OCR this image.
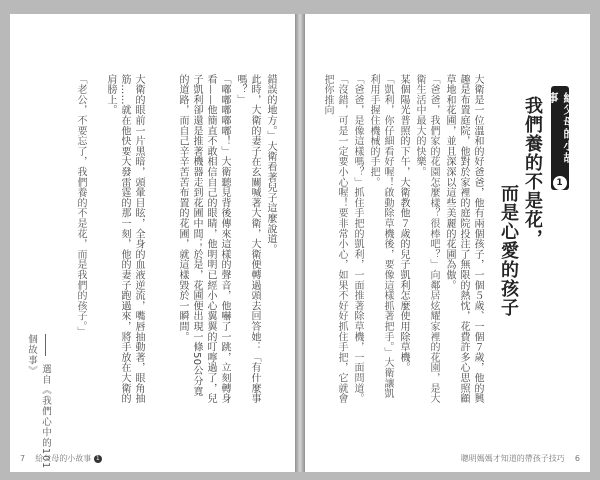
錯誤的地方。」大衛看著兒子這麼說道。
此時，大衛的妻子在玄關喊著大衛，大衛便轉過頭去回答她：「有什麼事嗎？」
「嘟嘟嘟嘟嘟！」大衛聽見背後傳來這樣的聲音，他嚇了一跳，立刻轉身看——他簡直不敢相信自己的眼睛，他明明已經小心翼翼的叮嚀過了，兒子凱利卻還是推著機器走到花圃中間；於是，花圃便出現一條50公分寬的道路，而自己辛辛苦苦布置的花圃，就這樣毀於一瞬間。
大衛的眼前一片黑暗，頭暈目眩，全身的血液逆流，嘴唇抽動著，眼角抽筋……就在他快要大發雷霆的那一刻，他的妻子跑過來，將手放在大衛的肩膀上。
「老公，不要忘了，我們養的不是花，而是我們的孩子。」
選自《我們心中的101個故事》
7 給父母的小故事 1
給父母的小故事
1
我們養的不是花，
而是心愛的孩子
大衛是一位溫和的好爸爸，他有兩個孩子，一個５歲、一個７歲，他的興趣是布置庭院，他對於家裡的庭院投注了無限的熱忱，花費許多心思照顧草地和花圃，並且深深以這些美麗的花圃為傲。
「爸爸，我們家的花園怎麼樣？很棒吧？」向鄰居炫耀家裡的花園，是大衛生活中最大的快樂。
某個陽光普照的下午，大衛教他７歲的兒子凱利怎麼使用除草機。
「凱利，你仔細看好喔！啟動除草機後，要像這樣抓著把手。」大衛讓凱利用手握住機械的手把。
「爸爸，是像這樣嗎？」抓住手把的凱利，一面推著除草機，一面問道。
「沒錯，可是一定要小心喔！要非常小心，如果不好好抓住手把，它就會把你推向
聰明媽媽才知道的帶孩子技巧 6
